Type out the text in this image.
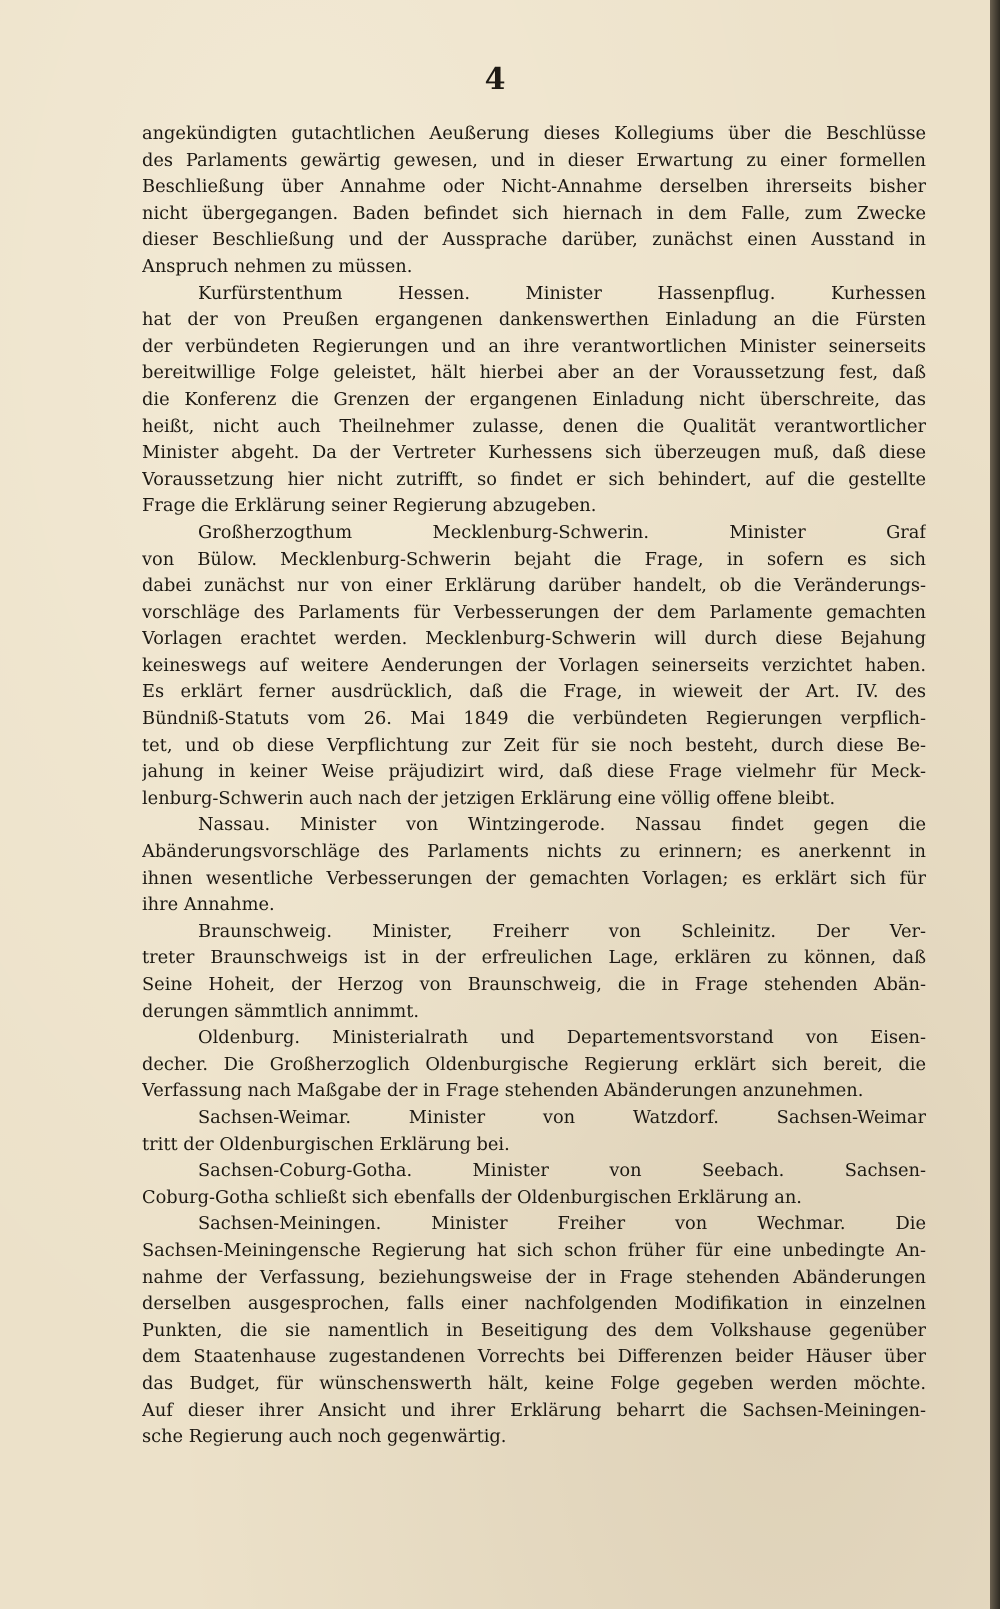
4
angekündigten gutachtlichen Aeußerung dieses Kollegiums über die Beschlüsse
des Parlaments gewärtig gewesen, und in dieser Erwartung zu einer formellen
Beschließung über Annahme oder Nicht-Annahme derselben ihrerseits bisher
nicht übergegangen. Baden befindet sich hiernach in dem Falle, zum Zwecke
dieser Beschließung und der Aussprache darüber, zunächst einen Ausstand in
Anspruch nehmen zu müssen.
Kurfürstenthum Hessen. Minister Hassenpflug. Kurhessen
hat der von Preußen ergangenen dankenswerthen Einladung an die Fürsten
der verbündeten Regierungen und an ihre verantwortlichen Minister seinerseits
bereitwillige Folge geleistet, hält hierbei aber an der Voraussetzung fest, daß
die Konferenz die Grenzen der ergangenen Einladung nicht überschreite, das
heißt, nicht auch Theilnehmer zulasse, denen die Qualität verantwortlicher
Minister abgeht. Da der Vertreter Kurhessens sich überzeugen muß, daß diese
Voraussetzung hier nicht zutrifft, so findet er sich behindert, auf die gestellte
Frage die Erklärung seiner Regierung abzugeben.
Großherzogthum Mecklenburg-Schwerin. Minister Graf
von Bülow. Mecklenburg-Schwerin bejaht die Frage, in sofern es sich
dabei zunächst nur von einer Erklärung darüber handelt, ob die Veränderungs-
vorschläge des Parlaments für Verbesserungen der dem Parlamente gemachten
Vorlagen erachtet werden. Mecklenburg-Schwerin will durch diese Bejahung
keineswegs auf weitere Aenderungen der Vorlagen seinerseits verzichtet haben.
Es erklärt ferner ausdrücklich, daß die Frage, in wieweit der Art. IV. des
Bündniß-Statuts vom 26. Mai 1849 die verbündeten Regierungen verpflich-
tet, und ob diese Verpflichtung zur Zeit für sie noch besteht, durch diese Be-
jahung in keiner Weise präjudizirt wird, daß diese Frage vielmehr für Meck-
lenburg-Schwerin auch nach der jetzigen Erklärung eine völlig offene bleibt.
Nassau. Minister von Wintzingerode. Nassau findet gegen die
Abänderungsvorschläge des Parlaments nichts zu erinnern; es anerkennt in
ihnen wesentliche Verbesserungen der gemachten Vorlagen; es erklärt sich für
ihre Annahme.
Braunschweig. Minister, Freiherr von Schleinitz. Der Ver-
treter Braunschweigs ist in der erfreulichen Lage, erklären zu können, daß
Seine Hoheit, der Herzog von Braunschweig, die in Frage stehenden Abän-
derungen sämmtlich annimmt.
Oldenburg. Ministerialrath und Departementsvorstand von Eisen-
decher. Die Großherzoglich Oldenburgische Regierung erklärt sich bereit, die
Verfassung nach Maßgabe der in Frage stehenden Abänderungen anzunehmen.
Sachsen-Weimar. Minister von Watzdorf. Sachsen-Weimar
tritt der Oldenburgischen Erklärung bei.
Sachsen-Coburg-Gotha. Minister von Seebach. Sachsen-
Coburg-Gotha schließt sich ebenfalls der Oldenburgischen Erklärung an.
Sachsen-Meiningen. Minister Freiher von Wechmar. Die
Sachsen-Meiningensche Regierung hat sich schon früher für eine unbedingte An-
nahme der Verfassung, beziehungsweise der in Frage stehenden Abänderungen
derselben ausgesprochen, falls einer nachfolgenden Modifikation in einzelnen
Punkten, die sie namentlich in Beseitigung des dem Volkshause gegenüber
dem Staatenhause zugestandenen Vorrechts bei Differenzen beider Häuser über
das Budget, für wünschenswerth hält, keine Folge gegeben werden möchte.
Auf dieser ihrer Ansicht und ihrer Erklärung beharrt die Sachsen-Meiningen-
sche Regierung auch noch gegenwärtig.
